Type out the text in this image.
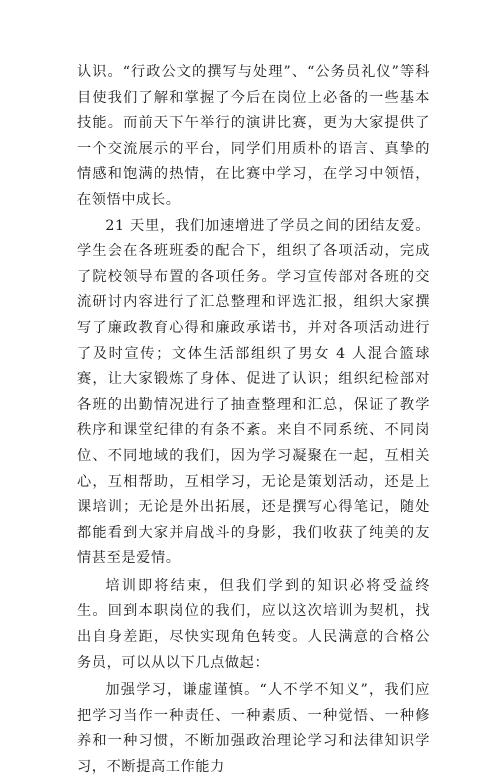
认识。“行政公文的撰写与处理”、“公务员礼仪”等科目使我们了解和掌握了今后在岗位上必备的一些基本技能。而前天下午举行的演讲比赛，更为大家提供了一个交流展示的平台，同学们用质朴的语言、真挚的情感和饱满的热情，在比赛中学习，在学习中领悟，在领悟中成长。

21 天里，我们加速增进了学员之间的团结友爱。学生会在各班班委的配合下，组织了各项活动，完成了院校领导布置的各项任务。学习宣传部对各班的交流研讨内容进行了汇总整理和评选汇报，组织大家撰写了廉政教育心得和廉政承诺书，并对各项活动进行了及时宣传；文体生活部组织了男女 4 人混合篮球赛，让大家锻炼了身体、促进了认识；组织纪检部对各班的出勤情况进行了抽查整理和汇总，保证了教学秩序和课堂纪律的有条不紊。来自不同系统、不同岗位、不同地域的我们，因为学习凝聚在一起，互相关心，互相帮助，互相学习，无论是策划活动，还是上课培训；无论是外出拓展，还是撰写心得笔记，随处都能看到大家并肩战斗的身影，我们收获了纯美的友情甚至是爱情。

培训即将结束，但我们学到的知识必将受益终生。回到本职岗位的我们，应以这次培训为契机，找出自身差距，尽快实现角色转变。人民满意的合格公务员，可以从以下几点做起：

加强学习，谦虚谨慎。“人不学不知义”，我们应把学习当作一种责任、一种素质、一种觉悟、一种修养和一种习惯，不断加强政治理论学习和法律知识学习，不断提高工作能力
